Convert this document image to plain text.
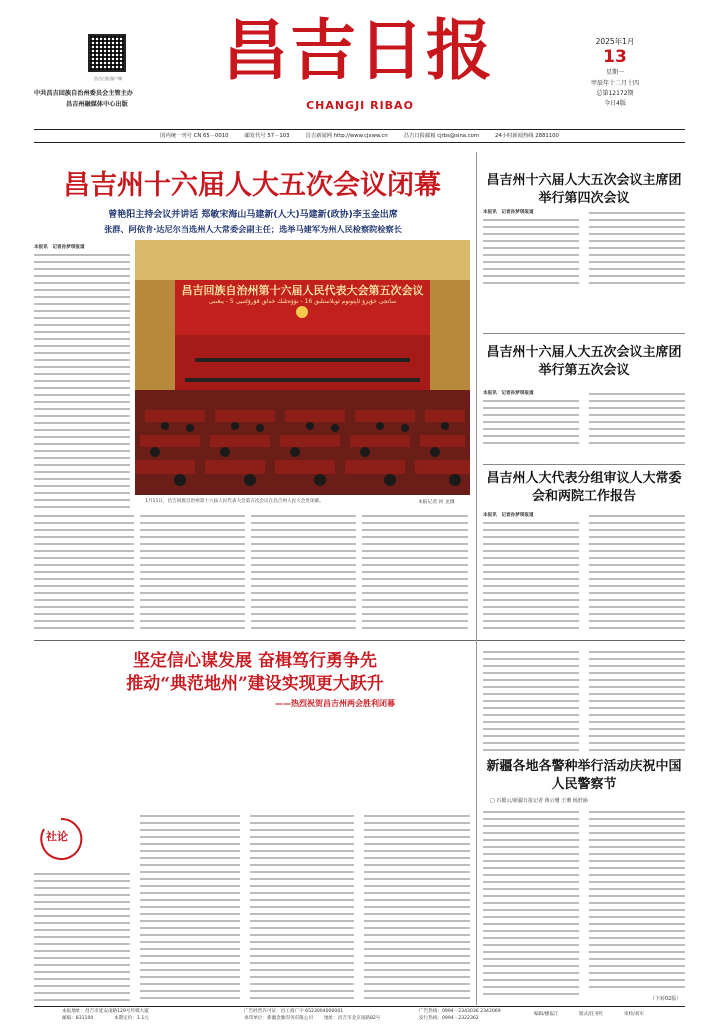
昌吉日报客户端
中共昌吉回族自治州委员会主管主办
昌吉州融媒体中心出版
昌吉日报
CHANGJI RIBAO
2025年1月
13
星期一
甲辰年十二月十四
总第12172期
今日4版
国内统一刊号 CN 65－0010	邮发代号 57－103	昌吉新闻网 http://www.cjxww.cn	昌吉日报邮箱 cjrbs@sina.com	24小时新闻热线 2881100
昌吉州十六届人大五次会议闭幕
曾艳阳主持会议并讲话 郑敏宋海山马建新(人大)马建新(政协)李玉金出席
张群、阿依肯·达尼尔当选州人大常委会副主任；选举马建军为州人民检察院检察长
本报讯　记者孙梦琪报道
昌吉回族自治州第十六届人民代表大会第五次会议
سانجى خۇيزۇ ئاپتونوم ئوبلاستلىق 16 - نۆۋەتلىك خەلق قۇرۇلتىيى 5 - يىغىنى
1月11日，昌吉回族自治州第十六届人民代表大会第五次会议在昌吉州人民大会堂闭幕。	本报记者 何 龙摄
昌吉州十六届人大五次会议主席团举行第四次会议
本报讯　记者孙梦琪报道
昌吉州十六届人大五次会议主席团举行第五次会议
本报讯　记者孙梦琪报道
昌吉州人大代表分组审议人大常委会和两院工作报告
本报讯　记者孙梦琪报道
新疆各地各警种举行活动庆祝中国人民警察节
□ 石榴云/新疆日报记者 蒋云珊 王珊 杨舒涵
（下转02版）
坚定信心谋发展 奋楫笃行勇争先
推动“典范地州”建设实现更大跃升
——热烈祝贺昌吉州两会胜利闭幕
社论
本报地址：昌吉市延安南路129号传媒大厦
邮编：831100	本期定价：1.1元
广告经营许可证：昌工商广字 6523004000001
承印单位：新疆金脉印务有限公司 地址：昌吉市北京南路82号
广告热线：0994－2343036 2342069
发行热线：0994－2322362
编辑/播报江	版式/任亚红	审校/刘军
